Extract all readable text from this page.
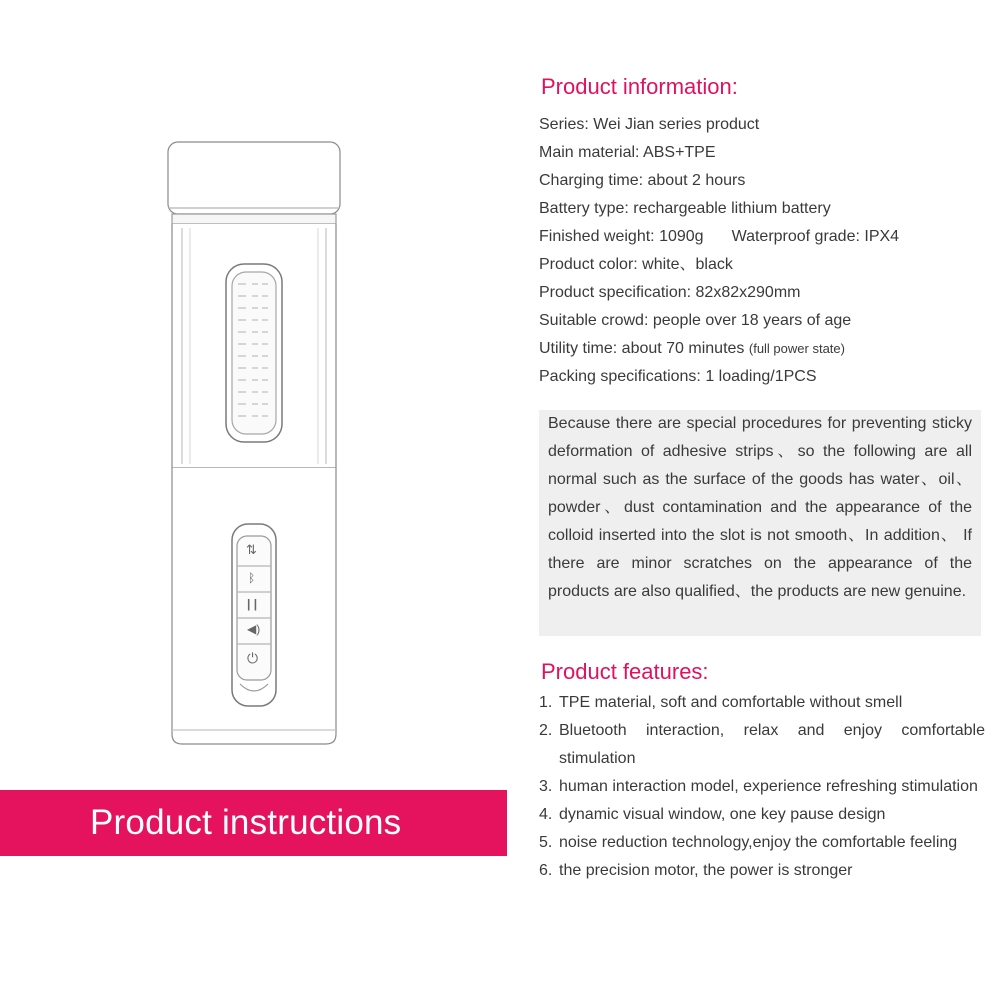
⇅
ᛒ
| |
◀)
⏻
Product instructions
Product information:
Series: Wei Jian series product
Main material: ABS+TPE
Charging time: about 2 hours
Battery type: rechargeable lithium battery
Finished weight: 1090g Waterproof grade: IPX4
Product color: white、black
Product specification: 82x82x290mm
Suitable crowd: people over 18 years of age
Utility time: about 70 minutes (full power state)
Packing specifications: 1 loading/1PCS

Because there are special procedures for preventing sticky deformation of adhesive strips、so the following are all normal such as the surface of the goods has water、oil、powder、dust contamination and the appearance of the colloid inserted into the slot is not smooth、In addition、 If there are minor scratches on the appearance of the products are also qualified、the products are new genuine.

Product features:
1. TPE material, soft and comfortable without smell
2. Bluetooth interaction, relax and enjoy comfortable stimulation
3. human interaction model, experience refreshing stimulation
4. dynamic visual window, one key pause design
5. noise reduction technology,enjoy the comfortable feeling
6. the precision motor, the power is stronger
